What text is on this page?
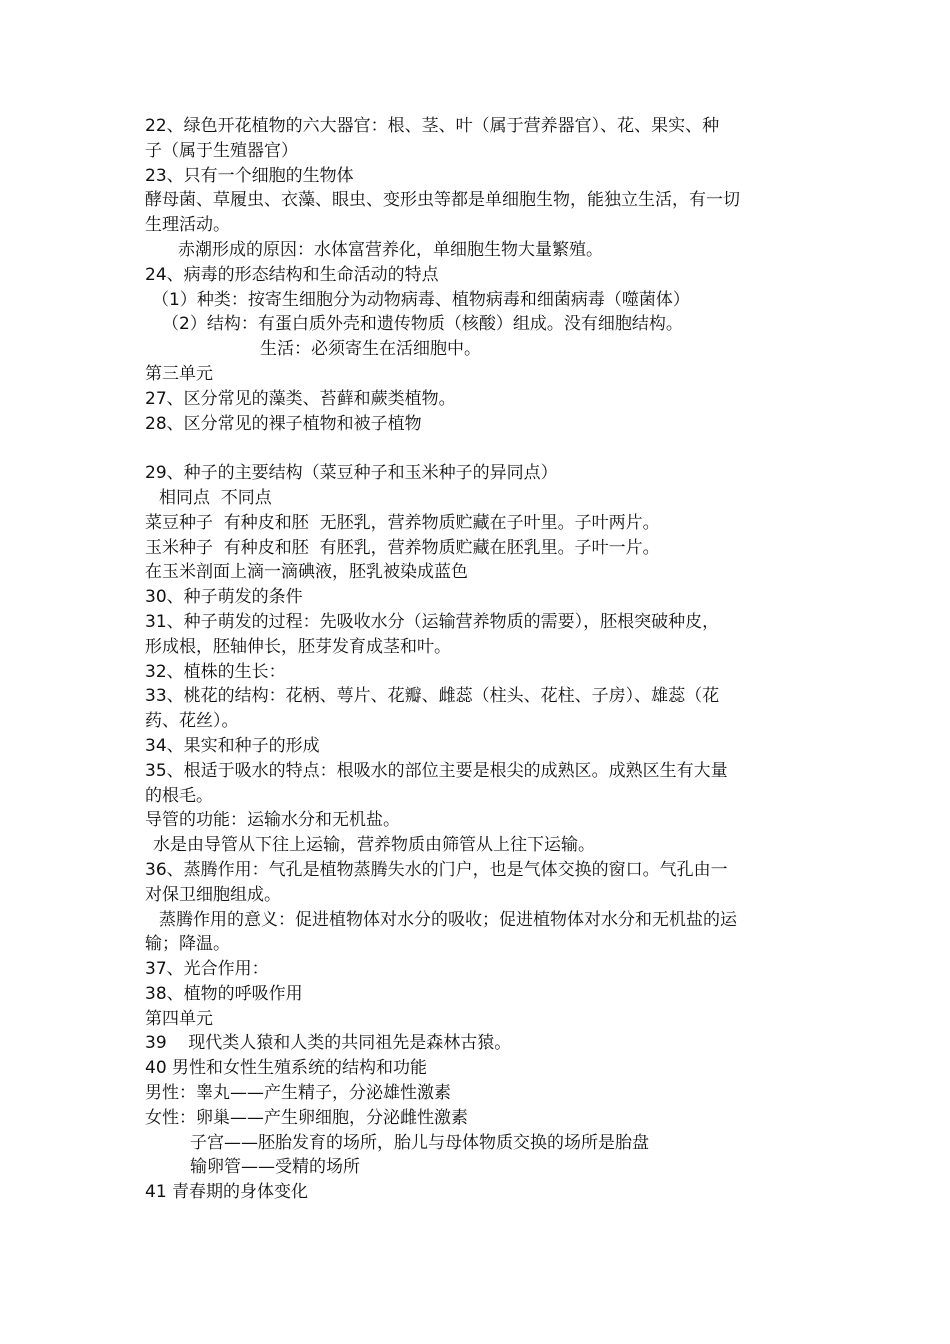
22、绿色开花植物的六大器官：根、茎、叶（属于营养器官）、花、果实、种
子（属于生殖器官）
23、只有一个细胞的生物体
酵母菌、草履虫、衣藻、眼虫、变形虫等都是单细胞生物，能独立生活，有一切
生理活动。
赤潮形成的原因：水体富营养化，单细胞生物大量繁殖。
24、病毒的形态结构和生命活动的特点
（1）种类：按寄生细胞分为动物病毒、植物病毒和细菌病毒（噬菌体）
（2）结构：有蛋白质外壳和遗传物质（核酸）组成。没有细胞结构。
生活：必须寄生在活细胞中。
第三单元
27、区分常见的藻类、苔藓和蕨类植物。
28、区分常见的裸子植物和被子植物
29、种子的主要结构（菜豆种子和玉米种子的异同点）
相同点  不同点
菜豆种子  有种皮和胚  无胚乳，营养物质贮藏在子叶里。子叶两片。
玉米种子  有种皮和胚  有胚乳，营养物质贮藏在胚乳里。子叶一片。
在玉米剖面上滴一滴碘液，胚乳被染成蓝色
30、种子萌发的条件
31、种子萌发的过程：先吸收水分（运输营养物质的需要），胚根突破种皮，
形成根，胚轴伸长，胚芽发育成茎和叶。
32、植株的生长：
33、桃花的结构：花柄、萼片、花瓣、雌蕊（柱头、花柱、子房）、雄蕊（花
药、花丝）。
34、果实和种子的形成
35、根适于吸水的特点：根吸水的部位主要是根尖的成熟区。成熟区生有大量
的根毛。
导管的功能：运输水分和无机盐。
水是由导管从下往上运输，营养物质由筛管从上往下运输。
36、蒸腾作用：气孔是植物蒸腾失水的门户，也是气体交换的窗口。气孔由一
对保卫细胞组成。
蒸腾作用的意义：促进植物体对水分的吸收；促进植物体对水分和无机盐的运
输；降温。
37、光合作用：
38、植物的呼吸作用
第四单元
39    现代类人猿和人类的共同祖先是森林古猿。
40 男性和女性生殖系统的结构和功能
男性：睾丸——产生精子，分泌雄性激素
女性：卵巢——产生卵细胞，分泌雌性激素
子宫——胚胎发育的场所，胎儿与母体物质交换的场所是胎盘
输卵管——受精的场所
41 青春期的身体变化
